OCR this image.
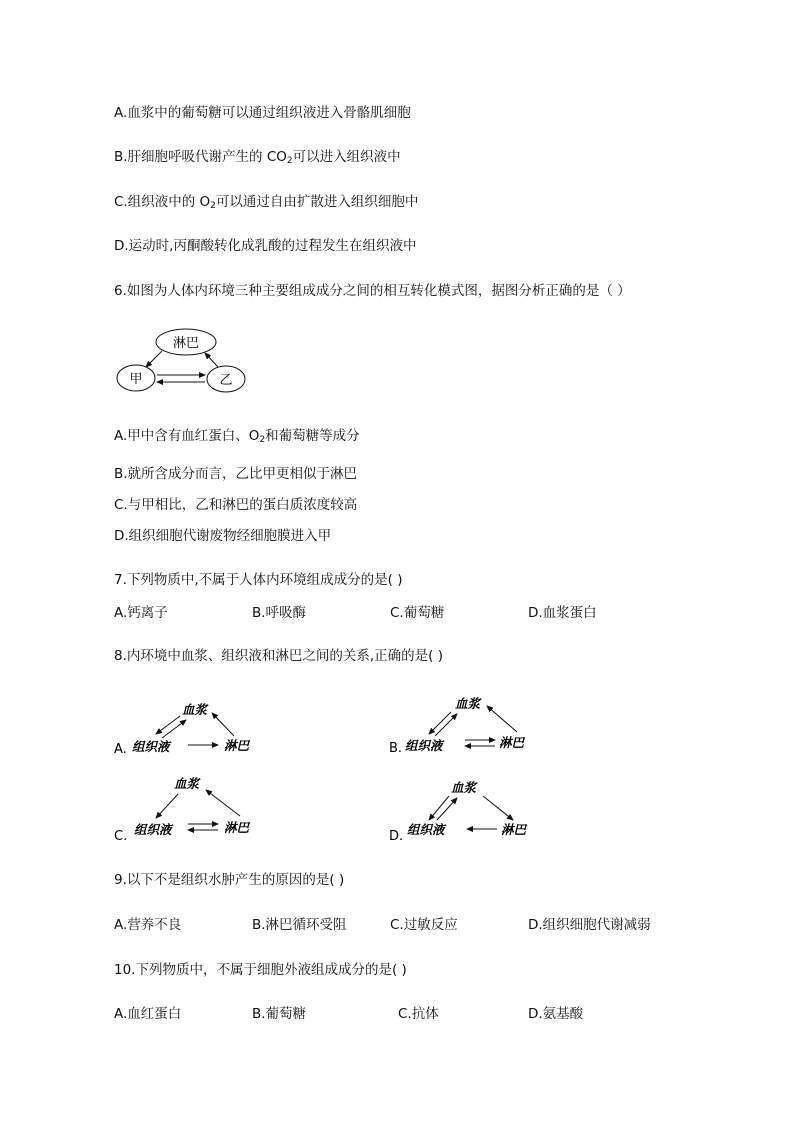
A.血浆中的葡萄糖可以通过组织液进入骨骼肌细胞
B.肝细胞呼吸代谢产生的 $CO_2$可以进入组织液中
C.组织液中的 $O_2$可以通过自由扩散进入组织细胞中
D.运动时,丙酮酸转化成乳酸的过程发生在组织液中
6.如图为人体内环境三种主要组成成分之间的相互转化模式图，据图分析正确的是（ ）
淋巴
甲	乙
A.甲中含有血红蛋白、$O_2$和葡萄糖等成分
B.就所含成分而言，乙比甲更相似于淋巴
C.与甲相比，乙和淋巴的蛋白质浓度较高
D.组织细胞代谢废物经细胞膜进入甲
7.下列物质中,不属于人体内环境组成成分的是( )
A.钙离子	B.呼吸酶	C.葡萄糖	D.血浆蛋白
8.内环境中血浆、组织液和淋巴之间的关系,正确的是( )
A.
血浆
组织液	淋巴	B.
血浆
组织液	淋巴
C.
血浆
组织液	淋巴
D.
血浆
组织液	淋巴
9.以下不是组织水肿产生的原因的是( )
A.营养不良	B.淋巴循环受阻	C.过敏反应	D.组织细胞代谢减弱
10.下列物质中，不属于细胞外液组成成分的是( )
A.血红蛋白	B.葡萄糖	C.抗体	D.氨基酸
